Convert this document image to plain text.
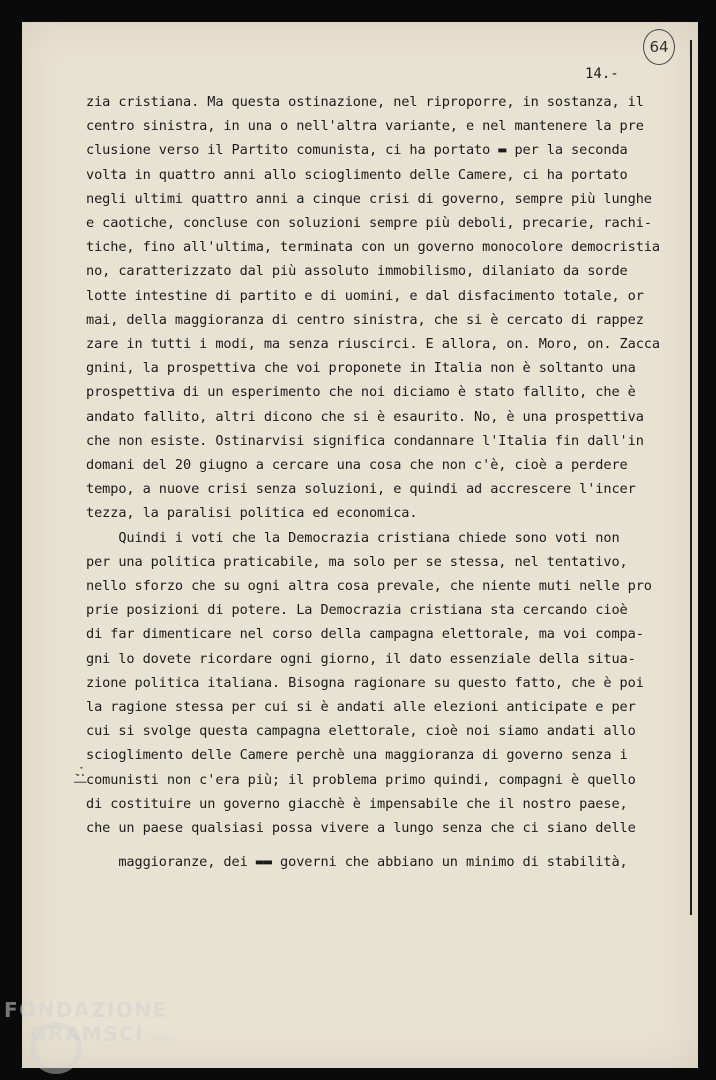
64
14.-
·;|
zia cristiana. Ma questa ostinazione, nel riproporre, in sostanza, il
centro sinistra, in una o nell'altra variante, e nel mantenere la pre
clusione verso il Partito comunista, ci ha portato ▬ per la seconda
volta in quattro anni allo scioglimento delle Camere, ci ha portato
negli ultimi quattro anni a cinque crisi di governo, sempre più lunghe
e caotiche, concluse con soluzioni sempre più deboli, precarie, rachi-
tiche, fino all'ultima, terminata con un governo monocolore democristia
no, caratterizzato dal più assoluto immobilismo, dilaniato da sorde
lotte intestine di partito e di uomini, e dal disfacimento totale, or
mai, della maggioranza di centro sinistra, che si è cercato di rappez
zare in tutti i modi, ma senza riuscirci. E allora, on. Moro, on. Zacca
gnini, la prospettiva che voi proponete in Italia non è soltanto una
prospettiva di un esperimento che noi diciamo è stato fallito, che è
andato fallito, altri dicono che si è esaurito. No, è una prospettiva
che non esiste. Ostinarvisi significa condannare l'Italia fin dall'in
domani del 20 giugno a cercare una cosa che non c'è, cioè a perdere
tempo, a nuove crisi senza soluzioni, e quindi ad accrescere l'incer
tezza, la paralisi politica ed economica.
Quindi i voti che la Democrazia cristiana chiede sono voti non
per una politica praticabile, ma solo per se stessa, nel tentativo,
nello sforzo che su ogni altra cosa prevale, che niente muti nelle pro
prie posizioni di potere. La Democrazia cristiana sta cercando cioè
di far dimenticare nel corso della campagna elettorale, ma voi compa-
gni lo dovete ricordare ogni giorno, il dato essenziale della situa-
zione politica italiana. Bisogna ragionare su questo fatto, che è poi
la ragione stessa per cui si è andati alle elezioni anticipate e per
cui si svolge questa campagna elettorale, cioè noi siamo andati allo
scioglimento delle Camere perchè una maggioranza di governo senza i
comunisti non c'era più; il problema primo quindi, compagni è quello
di costituire un governo giacchè è impensabile che il nostro paese,
che un paese qualsiasi possa vivere a lungo senza che ci siano delle
maggioranze, dei ▬▬ governi che abbiano un minimo di stabilità,
FONDAZIONE
GRAMSCI onlus
